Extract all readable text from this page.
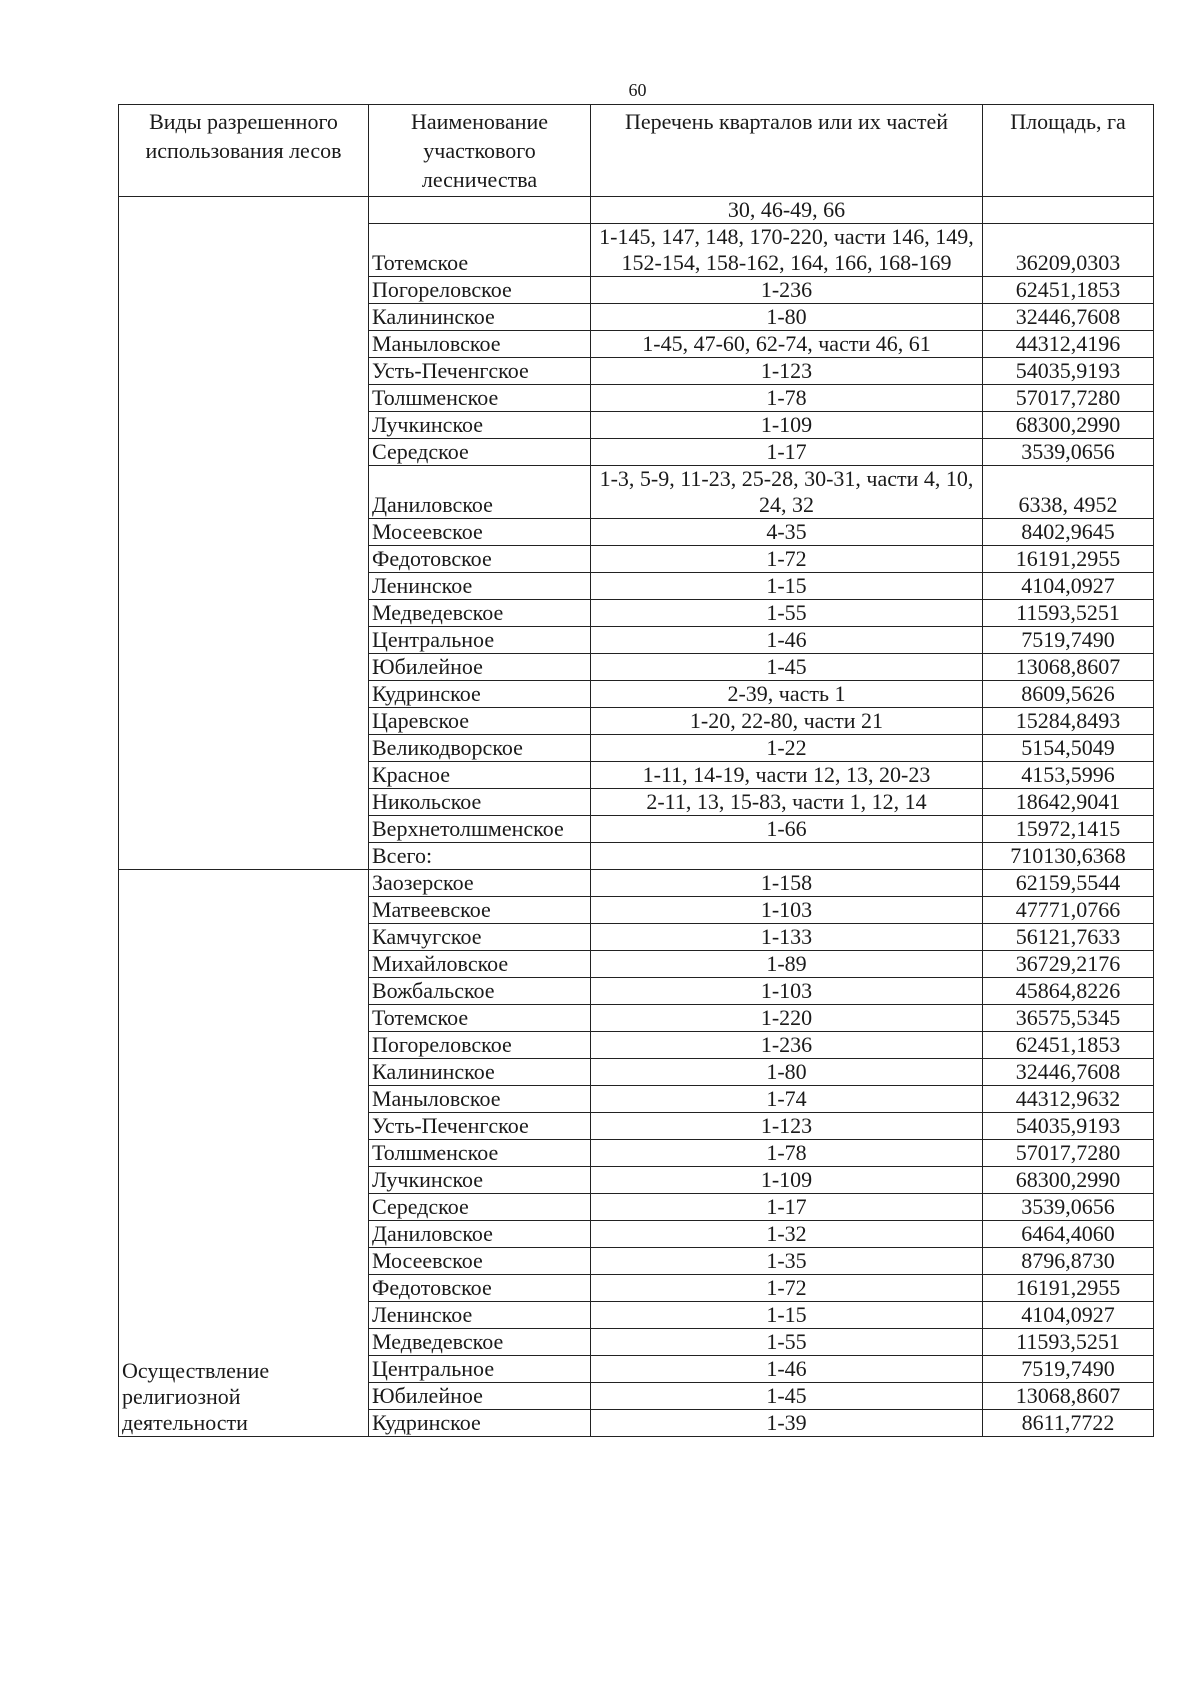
60
Виды разрешенного использования лесов	Наименование участкового лесничества	Перечень кварталов или их частей	Площадь, га
		30, 46-49, 66	
	Тотемское	1-145, 147, 148, 170-220, части 146, 149, 152-154, 158-162, 164, 166, 168-169	36209,0303
	Погореловское	1-236	62451,1853
	Калининское	1-80	32446,7608
	Маныловское	1-45, 47-60, 62-74, части 46, 61	44312,4196
	Усть-Печенгское	1-123	54035,9193
	Толшменское	1-78	57017,7280
	Лучкинское	1-109	68300,2990
	Середское	1-17	3539,0656
	Даниловское	1-3, 5-9, 11-23, 25-28, 30-31, части 4, 10, 24, 32	6338, 4952
	Мосеевское	4-35	8402,9645
	Федотовское	1-72	16191,2955
	Ленинское	1-15	4104,0927
	Медведевское	1-55	11593,5251
	Центральное	1-46	7519,7490
	Юбилейное	1-45	13068,8607
	Кудринское	2-39, часть 1	8609,5626
	Царевское	1-20, 22-80, части 21	15284,8493
	Великодворское	1-22	5154,5049
	Красное	1-11, 14-19, части 12, 13, 20-23	4153,5996
	Никольское	2-11, 13, 15-83, части 1, 12, 14	18642,9041
	Верхнетолшменское	1-66	15972,1415
	Всего:		710130,6368
Осуществление религиозной деятельности	Заозерское	1-158	62159,5544
	Матвеевское	1-103	47771,0766
	Камчугское	1-133	56121,7633
	Михайловское	1-89	36729,2176
	Вожбальское	1-103	45864,8226
	Тотемское	1-220	36575,5345
	Погореловское	1-236	62451,1853
	Калининское	1-80	32446,7608
	Маныловское	1-74	44312,9632
	Усть-Печенгское	1-123	54035,9193
	Толшменское	1-78	57017,7280
	Лучкинское	1-109	68300,2990
	Середское	1-17	3539,0656
	Даниловское	1-32	6464,4060
	Мосеевское	1-35	8796,8730
	Федотовское	1-72	16191,2955
	Ленинское	1-15	4104,0927
	Медведевское	1-55	11593,5251
	Центральное	1-46	7519,7490
	Юбилейное	1-45	13068,8607
	Кудринское	1-39	8611,7722
